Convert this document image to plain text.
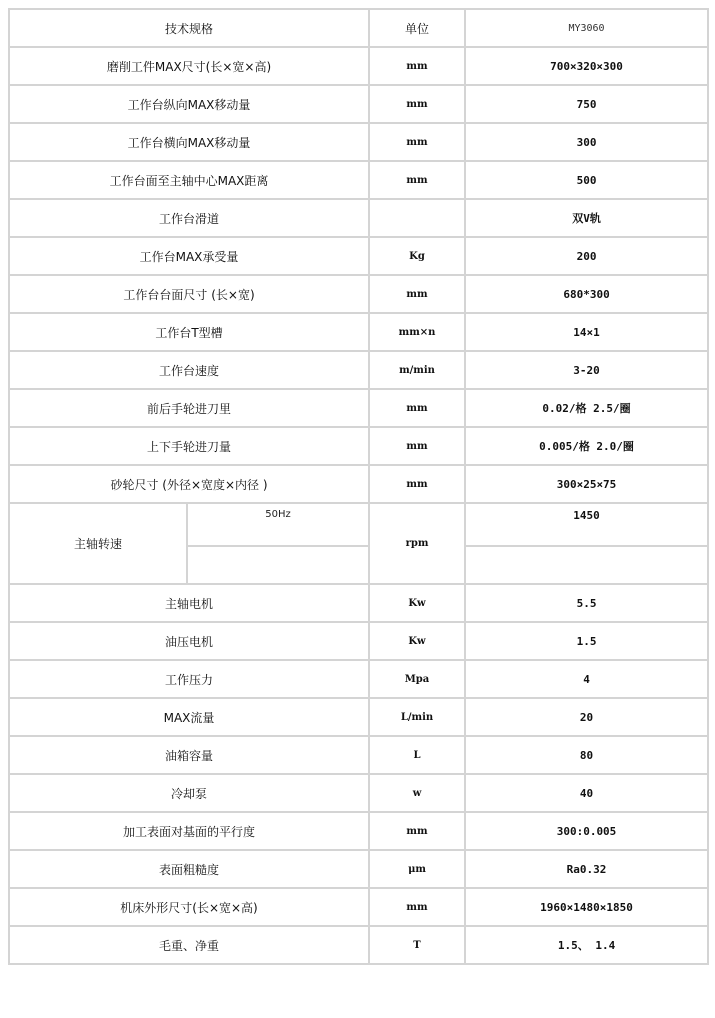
技术规格		单位	MY3060
磨削工件MAX尺寸(长×宽×高)		mm	700×320×300
工作台纵向MAX移动量		mm	750
工作台横向MAX移动量		mm	300
工作台面至主轴中心MAX距离		mm	500
工作台滑道			双V轨
工作台MAX承受量		Kg	200
工作台台面尺寸 (长×宽)		mm	680*300
工作台T型槽		mm×n	14×1
工作台速度		m/min	3-20
前后手轮进刀里		mm	0.02/格 2.5/圈
上下手轮进刀量		mm	0.005/格 2.0/圈
砂轮尺寸 (外径×宽度×内径 )		mm	300×25×75
主轴转速	50Hz	rpm	1450

主轴电机		Kw	5.5
油压电机		Kw	1.5
工作压力		Mpa	4
MAX流量		L/min	20
油箱容量		L	80
冷却泵		w	40
加工表面对基面的平行度		mm	300:0.005
表面粗糙度		μm	Ra0.32
机床外形尺寸(长×宽×高)		mm	1960×1480×1850
毛重、净重		T	1.5、 1.4
